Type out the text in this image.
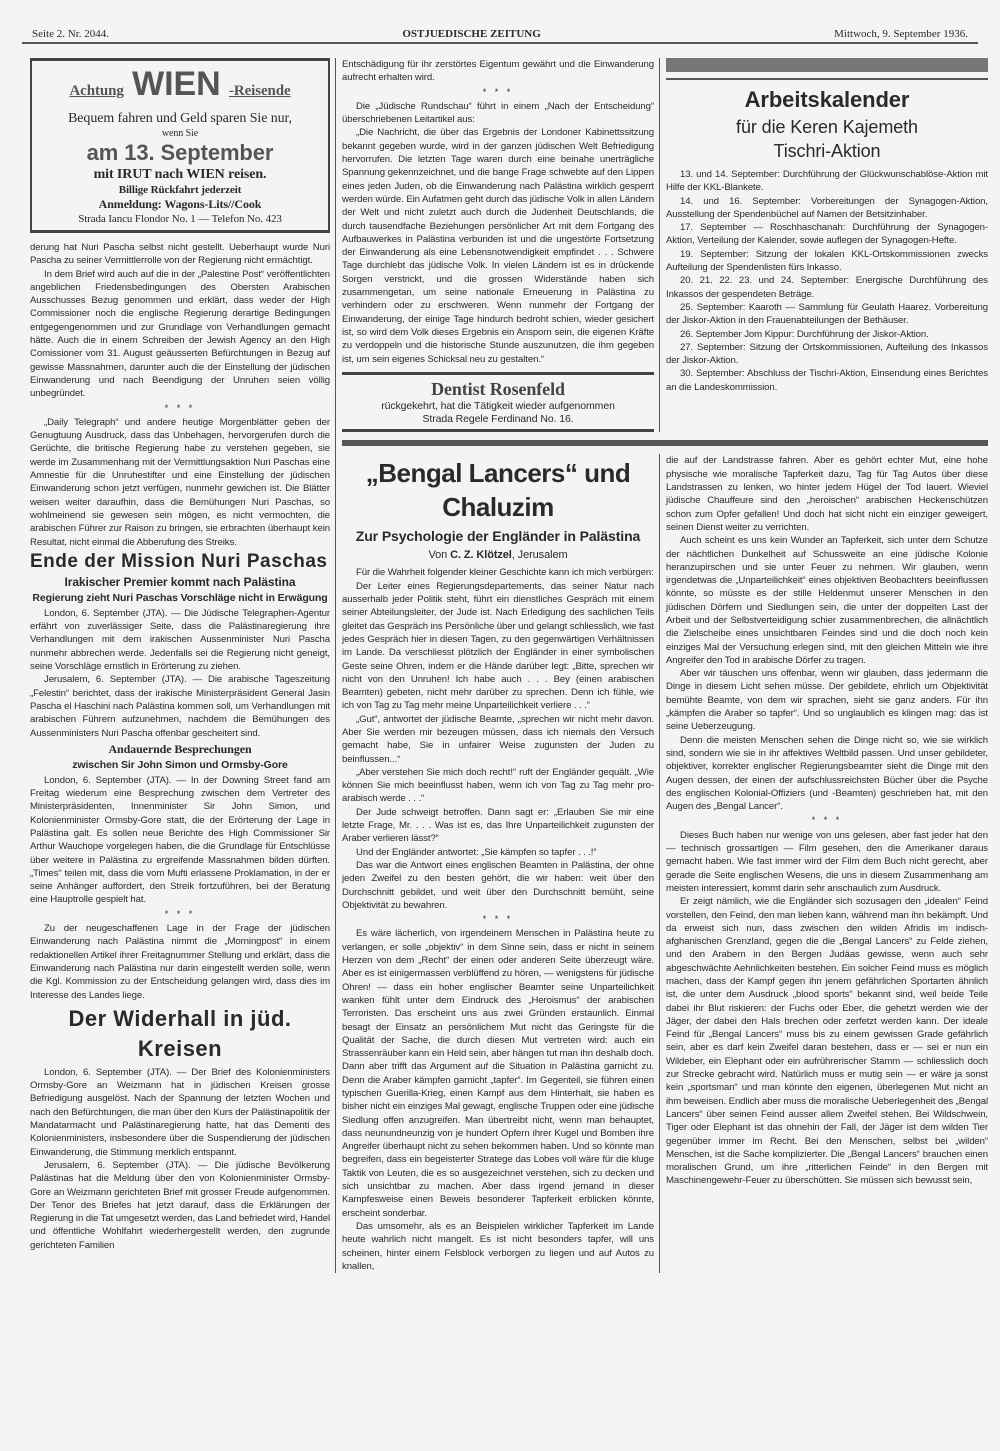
Seite 2. Nr. 2044.	OSTJUEDISCHE ZEITUNG	Mittwoch, 9. September 1936.
Achtung WIEN -Reisende
Bequem fahren und Geld sparen Sie nur,
wenn Sie
am 13. September
mit IRUT nach WIEN reisen.
Billige Rückfahrt jederzeit
Anmeldung: Wagons-Lits//Cook
Strada Iancu Flondor No. 1 — Telefon No. 423

derung hat Nuri Pascha selbst nicht gestellt. Ueberhaupt wurde Nuri Pascha zu seiner Vermittlerrolle von der Regierung nicht ermächtigt.

In dem Brief wird auch auf die in der „Palestine Post“ veröffentlichten angeblichen Friedensbedingungen des Obersten Arabischen Ausschusses Bezug genommen und erklärt, dass weder der High Commissioner noch die englische Regierung derartige Bedingungen entgegengenommen und zur Grundlage von Verhandlungen gemacht hätte. Auch die in einem Schreiben der Jewish Agency an den High Comissioner vom 31. August geäusserten Befürchtungen in Bezug auf gewisse Massnahmen, darunter auch die der Einstellung der jüdischen Einwanderung und nach Beendigung der Unruhen seien völlig unbegründet.

* * *

„Daily Telegraph“ und andere heutige Morgenblätter geben der Genugtuung Ausdruck, dass das Unbehagen, hervorgerufen durch die Gerüchte, die britische Regierung habe zu verstehen gegeben, sie werde im Zusammenhang mit der Vermittlungsaktion Nuri Paschas eine Amnestie für die Unruhestifter und eine Einstellung der jüdischen Einwanderung schon jetzt verfügen, nunmehr gewichen ist. Die Blätter weisen weiter daraufhin, dass die Bemühungen Nuri Paschas, so wohlmeinend sie gewesen sein mögen, es nicht vermochten, die arabischen Führer zur Raison zu bringen, sie erbrachten überhaupt kein Resultat, nicht einmal die Abberufung des Streiks.

Ende der Mission Nuri Paschas
Irakischer Premier kommt nach Palästina
Regierung zieht Nuri Paschas Vorschläge nicht in Erwägung

London, 6. September (JTA). — Die Jüdische Telegraphen-Agentur erfährt von zuverlässiger Seite, dass die Palästinaregierung ihre Verhandlungen mit dem irakischen Aussenminister Nuri Pascha nunmehr abbrechen werde. Jedenfalls sei die Regierung nicht geneigt, seine Vorschläge ernstlich in Erörterung zu ziehen.

Jerusalem, 6. September (JTA). — Die arabische Tageszeitung „Felestin“ berichtet, dass der irakische Ministerpräsident General Jasin Pascha el Haschini nach Palästina kommen soll, um Verhandlungen mit arabischen Führern aufzunehmen, nachdem die Bemühungen des Aussenministers Nuri Pascha offenbar gescheitert sind.

Andauernde Besprechungen
zwischen Sir John Simon und Ormsby-Gore

London, 6. September (JTA). — In der Downing Street fand am Freitag wiederum eine Besprechung zwischen dem Vertreter des Ministerpräsidenten, Innenminister Sir John Simon, und Kolonienminister Ormsby-Gore statt, die der Erörterung der Lage in Palästina galt. Es sollen neue Berichte des High Commissioner Sir Arthur Wauchope vorgelegen haben, die die Grundlage für Entschlüsse über weitere in Palästina zu ergreifende Massnahmen bilden dürften. „Times“ teilen mit, dass die vom Mufti erlassene Proklamation, in der er seine Anhänger auffordert, den Streik fortzuführen, bei der Beratung eine Hauptrolle gespielt hat.

* * *

Zu der neugeschaffenen Lage in der Frage der jüdischen Einwanderung nach Palästina nimmt die „Morningpost“ in einem redaktionellen Artikel ihrer Freitagnummer Stellung und erklärt, dass die Einwanderung nach Palästina nur darin eingestellt werden solle, wenn die Kgl. Kommission zu der Entscheidung gelangen wird, dass dies im Interesse des Landes liege.

Der Widerhall in jüd. Kreisen

London, 6. September (JTA). — Der Brief des Kolonienministers Ormsby-Gore an Weizmann hat in jüdischen Kreisen grosse Befriedigung ausgelöst. Nach der Spannung der letzten Wochen und nach den Befürchtungen, die man über den Kurs der Palästinapolitik der Mandatarmacht und Palästinaregierung hatte, hat das Dementi des Kolonienministers, insbesondere über die Suspendierung der jüdischen Einwanderung, die Stimmung merklich entspannt.

Jerusalem, 6. September (JTA). — Die jüdische Bevölkerung Palästinas hat die Meldung über den von Kolonienminister Ormsby-Gore an Weizmann gerichteten Brief mit grosser Freude aufgenommen. Der Tenor des Briefes hat jetzt darauf, dass die Erklärungen der Regierung in die Tat umgesetzt werden, das Land befriedet wird, Handel und öffentliche Wohlfahrt wiederhergestellt werden, den zugrunde gerichteten Familien

Entschädigung für ihr zerstörtes Eigentum gewährt und die Einwanderung aufrecht erhalten wird.

* * *

Die „Jüdische Rundschau“ führt in einem „Nach der Entscheidung“ überschriebenen Leitartikel aus:

„Die Nachricht, die über das Ergebnis der Londoner Kabinettssitzung bekannt gegeben wurde, wird in der ganzen jüdischen Welt Befriedigung hervorrufen. Die letzten Tage waren durch eine beinahe unerträgliche Spannung gekennzeichnet, und die bange Frage schwebte auf den Lippen eines jeden Juden, ob die Einwanderung nach Palästina wirklich gesperrt werden würde. Ein Aufatmen geht durch das jüdische Volk in allen Ländern der Welt und nicht zuletzt auch durch die Judenheit Deutschlands, die durch tausendfache Beziehungen persönlicher Art mit dem Fortgang des Aufbauwerkes in Palästina verbunden ist und die ungestörte Fortsetzung der Einwanderung als eine Lebensnotwendigkeit empfindet . . . Schwere Tage durchlebt das jüdische Volk. In vielen Ländern ist es in drückende Sorgen verstrickt, und die grossen Widerstände haben sich zusammengetan, um seine nationale Erneuerung in Palästina zu verhindern oder zu erschweren. Wenn nunmehr der Fortgang der Einwanderung, der einige Tage hindurch bedroht schien, wieder gesichert ist, so wird dem Volk dieses Ergebnis ein Ansporn sein, die eigenen Kräfte zu verdoppeln und die historische Stunde auszunutzen, die ihm gegeben ist, um sein eigenes Schicksal neu zu gestalten.“

Dentist Rosenfeld
rückgekehrt, hat die Tätigkeit wieder aufgenommen
Strada Regele Ferdinand No. 16.
Arbeitskalender
für die Keren Kajemeth
Tischri-Aktion

13. und 14. September: Durchführung der Glückwunschablöse-Aktion mit Hilfe der KKL-Blankete.

14. und 16. September: Vorbereitungen der Synagogen-Aktion, Ausstellung der Spendenbüchel auf Namen der Betsitzinhaber.

17. September — Roschhaschanah: Durchführung der Synagogen-Aktion, Verteilung der Kalender, sowie auflegen der Synagogen-Hefte.

19. September: Sitzung der lokalen KKL-Ortskommissionen zwecks Aufteilung der Spendenlisten fürs Inkasso.

20. 21. 22. 23. und 24. September: Energische Durchführung des Inkassos der gespendeten Beträge.

25. September: Kaaroth — Sammlung für Geulath Haarez. Vorbereitung der Jiskor-Aktion in den Frauenabteilungen der Bethäuser.

26. September Jom Kippur: Durchführung der Jiskor-Aktion.

27. September: Sitzung der Ortskommissionen, Aufteilung des Inkassos der Jiskor-Aktion.

30. September: Abschluss der Tischri-Aktion, Einsendung eines Berichtes an die Landeskommission.

„Bengal Lancers“ und Chaluzim
Zur Psychologie der Engländer in Palästina
Von C. Z. Klötzel, Jerusalem

Für die Wahrheit folgender kleiner Geschichte kann ich mich verbürgen:

Der Leiter eines Regierungsdepartements, das seiner Natur nach ausserhalb jeder Politik steht, führt ein dienstliches Gespräch mit einem seiner Abteilungsleiter, der Jude ist. Nach Erledigung des sachlichen Teils gleitet das Gespräch ins Persönliche über und gelangt schliesslich, wie fast jedes Gespräch hier in diesen Tagen, zu den gegenwärtigen Verhältnissen im Lande. Da verschliesst plötzlich der Engländer in einer symbolischen Geste seine Ohren, indem er die Hände darüber legt: „Bitte, sprechen wir nicht von den Unruhen! Ich habe auch . . . Bey (einen arabischen Beamten) gebeten, nicht mehr darüber zu sprechen. Denn ich fühle, wie ich von Tag zu Tag mehr meine Unparteilichkeit verliere . . .“

„Gut“, antwortet der jüdische Beamte, „sprechen wir nicht mehr davon. Aber Sie werden mir bezeugen müssen, dass ich niemals den Versuch gemacht habe, Sie in unfairer Weise zugunsten der Juden zu beinflussen...“

„Aber verstehen Sie mich doch recht!“ ruft der Engländer gequält. „Wie können Sie mich beeinflusst haben, wenn ich von Tag zu Tag mehr pro-arabisch werde . . .“

Der Jude schweigt betroffen. Dann sagt er: „Erlauben Sie mir eine letzte Frage, Mr. . . . Was ist es, das Ihre Unparteilichkeit zugunsten der Araber verlieren lässt?“

Und der Engländer antwortet: „Sie kämpfen so tapfer . . .!“

Das war die Antwort eines englischen Beamten in Palästina, der ohne jeden Zweifel zu den besten gehört, die wir haben: weit über den Durchschnitt gebildet, und weit über den Durchschnitt bemüht, seine Objektivität zu bewahren.

* * *

Es wäre lächerlich, von irgendeinem Menschen in Palästina heute zu verlangen, er solle „objektiv“ in dem Sinne sein, dass er nicht in seinem Herzen von dem „Recht“ der einen oder anderen Seite überzeugt wäre. Aber es ist einigermassen verblüffend zu hören, — wenigstens für jüdische Ohren! — dass ein hoher englischer Beamter seine Unparteilichkeit wanken fühlt unter dem Eindruck des „Heroismus“ der arabischen Terroristen. Das erscheint uns aus zwei Gründen erstaunlich. Einmal besagt der Einsatz an persönlichem Mut nicht das Geringste für die Qualität der Sache, die durch diesen Mut vertreten wird: auch ein Strassenräuber kann ein Held sein, aber hängen tut man ihn deshalb doch. Dann aber trifft das Argument auf die Situation in Palästina garnicht zu. Denn die Araber kämpfen garnicht „tapfer“. Im Gegenteil, sie führen einen typischen Guerilla-Krieg, einen Kampf aus dem Hinterhalt, sie haben es bisher nicht ein einziges Mal gewagt, englische Truppen oder eine jüdische Siedlung offen anzugreifen. Man übertreibt nicht, wenn man behauptet, dass neunundneunzig von je hundert Opfern ihrer Kugel und Bomben ihre Angreifer überhaupt nicht zu sehen bekommen haben. Und so könnte man begreifen, dass ein begeisterter Stratege das Lobes voll wäre für die kluge Taktik von Leuten, die es so ausgezeichnet verstehen, sich zu decken und sich unsichtbar zu machen. Aber dass irgend jemand in dieser Kampfesweise einen Beweis besonderer Tapferkeit erblicken könnte, erscheint sonderbar.

Das umsomehr, als es an Beispielen wirklicher Tapferkeit im Lande heute wahrlich nicht mangelt. Es ist nicht besonders tapfer, will uns scheinen, hinter einem Felsblock verborgen zu liegen und auf Autos zu knallen,

die auf der Landstrasse fahren. Aber es gehört echter Mut, eine hohe physische wie moralische Tapferkeit dazu, Tag für Tag Autos über diese Landstrassen zu lenken, wo hinter jedem Hügel der Tod lauert. Wieviel jüdische Chauffeure sind den „heroischen“ arabischen Heckenschützen schon zum Opfer gefallen! Und doch hat sicht nicht ein einziger geweigert, seinen Dienst weiter zu verrichten.

Auch scheint es uns kein Wunder an Tapferkeit, sich unter dem Schutze der nächtlichen Dunkelheit auf Schussweite an eine jüdische Kolonie heranzupirschen und sie unter Feuer zu nehmen. Wir glauben, wenn irgendetwas die „Unparteilichkeit“ eines objektiven Beobachters beeinflussen könnte, so müsste es der stille Heldenmut unserer Menschen in den jüdischen Dörfern und Siedlungen sein, die unter der doppelten Last der Arbeit und der Selbstverteidigung schier zusammenbrechen, die allnächtlich die Zielscheibe eines unsichtbaren Feindes sind und die doch noch kein einziges Mal der Versuchung erlegen sind, mit den gleichen Mitteln wie ihre Angreifer den Tod in arabische Dörfer zu tragen.

Aber wir täuschen uns offenbar, wenn wir glauben, dass jedermann die Dinge in diesem Licht sehen müsse. Der gebildete, ehrlich um Objektivität bemühte Beamte, von dem wir sprachen, sieht sie ganz anders. Für ihn „kämpfen die Araber so tapfer“. Und so unglaublich es klingen mag: das ist seine Ueberzeugung.

Denn die meisten Menschen sehen die Dinge nicht so, wie sie wirklich sind, sondern wie sie in ihr affektives Weltbild passen. Und unser gebildeter, objektiver, korrekter englischer Regierungsbeamter sieht die Dinge mit den Augen dessen, der einen der aufschlussreichsten Bücher über die Psyche des englischen Kolonial-Offiziers (und -Beamten) geschrieben hat, mit den Augen des „Bengal Lancer“.

* * *

Dieses Buch haben nur wenige von uns gelesen, aber fast jeder hat den — technisch grossartigen — Film gesehen, den die Amerikaner daraus gemacht haben. Wie fast immer wird der Film dem Buch nicht gerecht, aber gerade die Seite englischen Wesens, die uns in diesem Zusammenhang am meisten interessiert, kommt darin sehr anschaulich zum Ausdruck.

Er zeigt nämlich, wie die Engländer sich sozusagen den „idealen“ Feind vorstellen, den Feind, den man lieben kann, während man ihn bekämpft. Und da erweist sich nun, dass zwischen den wilden Afridis im indisch-afghanischen Grenzland, gegen die die „Bengal Lancers“ zu Felde ziehen, und den Arabern in den Bergen Judäas gewisse, wenn auch sehr abgeschwächte Aehnlichkeiten bestehen. Ein solcher Feind muss es möglich machen, dass der Kampf gegen ihn jenem gefährlichen Sportarten ähnlich ist, die unter dem Ausdruck „blood sports“ bekannt sind, weil beide Teile dabei ihr Blut riskieren: der Fuchs oder Eber, die gehetzt werden wie der Jäger, der dabei den Hals brechen oder zerfetzt werden kann. Der ideale Feind für „Bengal Lancers“ muss bis zu einem gewissen Grade gefährlich sein, aber es darf kein Zweifel daran bestehen, dass er — sei er nun ein Wildeber, ein Elephant oder ein aufrührerischer Stamm — schliesslich doch zur Strecke gebracht wird. Natürlich muss er mutig sein — er wäre ja sonst kein „sportsman“ und man könnte den eigenen, überlegenen Mut nicht an ihm beweisen. Endlich aber muss die moralische Ueberlegenheit des „Bengal Lancers“ über seinen Feind ausser allem Zweifel stehen. Bei Wildschwein, Tiger oder Elephant ist das ohnehin der Fall, der Jäger ist dem wilden Tier gegenüber immer im Recht. Bei den Menschen, selbst bei „wilden“ Menschen, ist die Sache komplizierter. Die „Bengal Lancers“ brauchen einen moralischen Grund, um ihre „ritterlichen Feinde“ in den Bergen mit Maschinengewehr-Feuer zu überschütten. Sie müssen sich bewusst sein,
